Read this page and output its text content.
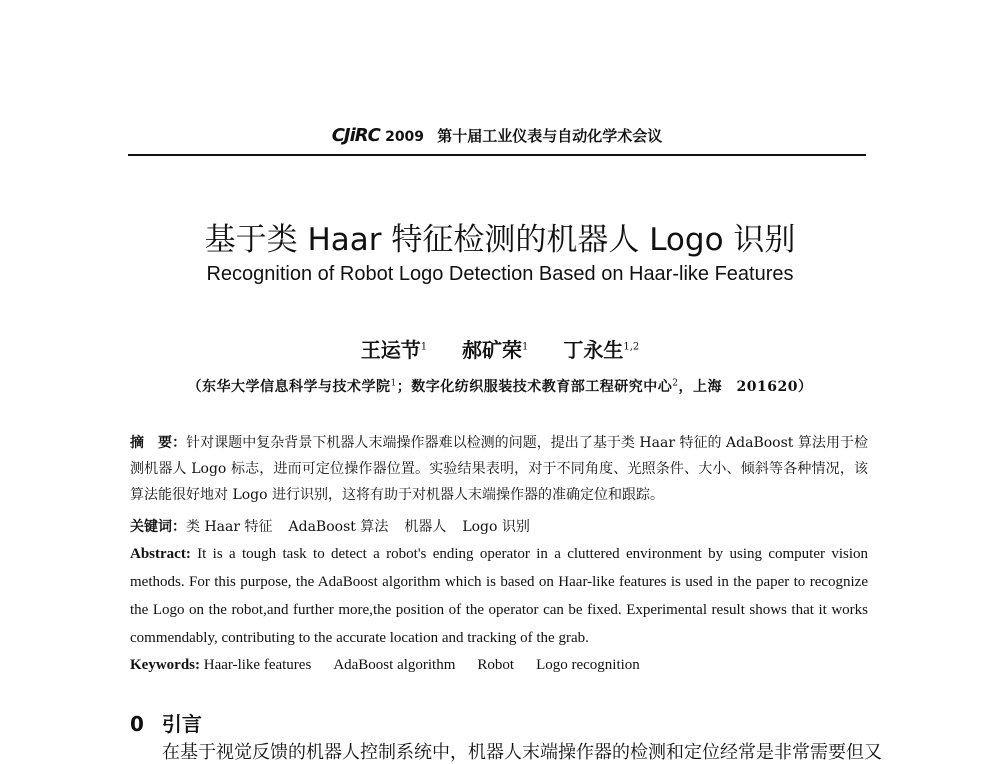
CJiRC 2009 第十届工业仪表与自动化学术会议
基于类 Haar 特征检测的机器人 Logo 识别
Recognition of Robot Logo Detection Based on Haar-like Features
王运节$^1$ 郝矿荣$^1$ 丁永生$^{1,2}$
（东华大学信息科学与技术学院$^1$；数字化纺织服装技术教育部工程研究中心$^2$，上海　201620）
摘　要：针对课题中复杂背景下机器人末端操作器难以检测的问题，提出了基于类 Haar 特征的 AdaBoost 算法用于检测机器人 Logo 标志，进而可定位操作器位置。实验结果表明，对于不同角度、光照条件、大小、倾斜等各种情况，该算法能很好地对 Logo 进行识别，这将有助于对机器人末端操作器的准确定位和跟踪。
关键词：类 Haar 特征 AdaBoost 算法 机器人 Logo 识别
Abstract: It is a tough task to detect a robot's ending operator in a cluttered environment by using computer vision methods. For this purpose, the AdaBoost algorithm which is based on Haar-like features is used in the paper to recognize the Logo on the robot,and further more,the position of the operator can be fixed. Experimental result shows that it works commendably, contributing to the accurate location and tracking of the grab.
Keywords: Haar-like features AdaBoost algorithm Robot Logo recognition
0 引言
在基于视觉反馈的机器人控制系统中，机器人末端操作器的检测和定位经常是非常需要但又
